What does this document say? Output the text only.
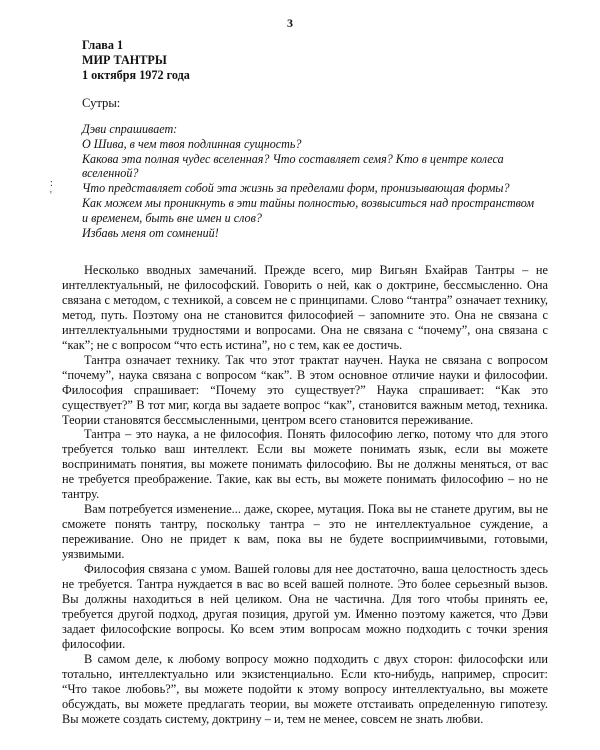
3
Глава 1
МИР ТАНТРЫ
1 октября 1972 года
Сутры:

Дэви спрашивает:

О Шива, в чем твоя подлинная сущность?

Какова эта полная чудес вселенная? Что составляет семя? Кто в центре колеса вселенной?

Что представляет собой эта жизнь за пределами форм, пронизывающая формы?

Как можем мы проникнуть в эти тайны полностью, возвыситься над пространством и временем, быть вне имен и слов?

Избавь меня от сомнений!

:
'

Несколько вводных замечаний. Прежде всего, мир Вигьян Бхайрав Тантры – не интеллектуальный, не философский. Говорить о ней, как о доктрине, бессмысленно. Она связана с методом, с техникой, а совсем не с принципами. Слово “тантра” означает технику, метод, путь. Поэтому она не становится философией – запомните это. Она не связана с интеллектуальными трудностями и вопросами. Она не связана с “почему”, она связана с “как”; не с вопросом “что есть истина”, но с тем, как ее достичь.

Тантра означает технику. Так что этот трактат научен. Наука не связана с вопросом “почему”, наука связана с вопросом “как”. В этом основное отличие науки и философии. Философия спрашивает: “Почему это существует?” Наука спрашивает: “Как это существует?” В тот миг, когда вы задаете вопрос “как”, становится важным метод, техника. Теории становятся бессмысленными, центром всего становится переживание.

Тантра – это наука, а не философия. Понять философию легко, потому что для этого требуется только ваш интеллект. Если вы можете понимать язык, если вы можете воспринимать понятия, вы можете понимать философию. Вы не должны меняться, от вас не требуется преображение. Такие, как вы есть, вы можете понимать философию – но не тантру.

Вам потребуется изменение... даже, скорее, мутация. Пока вы не станете другим, вы не сможете понять тантру, поскольку тантра – это не интеллектуальное суждение, а переживание. Оно не придет к вам, пока вы не будете восприимчивыми, готовыми, уязвимыми.

Философия связана с умом. Вашей головы для нее достаточно, ваша целостность здесь не требуется. Тантра нуждается в вас во всей вашей полноте. Это более серьезный вызов. Вы должны находиться в ней целиком. Она не частична. Для того чтобы принять ее, требуется другой подход, другая позиция, другой ум. Именно поэтому кажется, что Дэви задает философские вопросы. Ко всем этим вопросам можно подходить с точки зрения философии.

В самом деле, к любому вопросу можно подходить с двух сторон: философски или тотально, интеллектуально или экзистенциально. Если кто-нибудь, например, спросит: “Что такое любовь?”, вы можете подойти к этому вопросу интеллектуально, вы можете обсуждать, вы можете предлагать теории, вы можете отстаивать определенную гипотезу. Вы можете создать систему, доктрину – и, тем не менее, совсем не знать любви.
